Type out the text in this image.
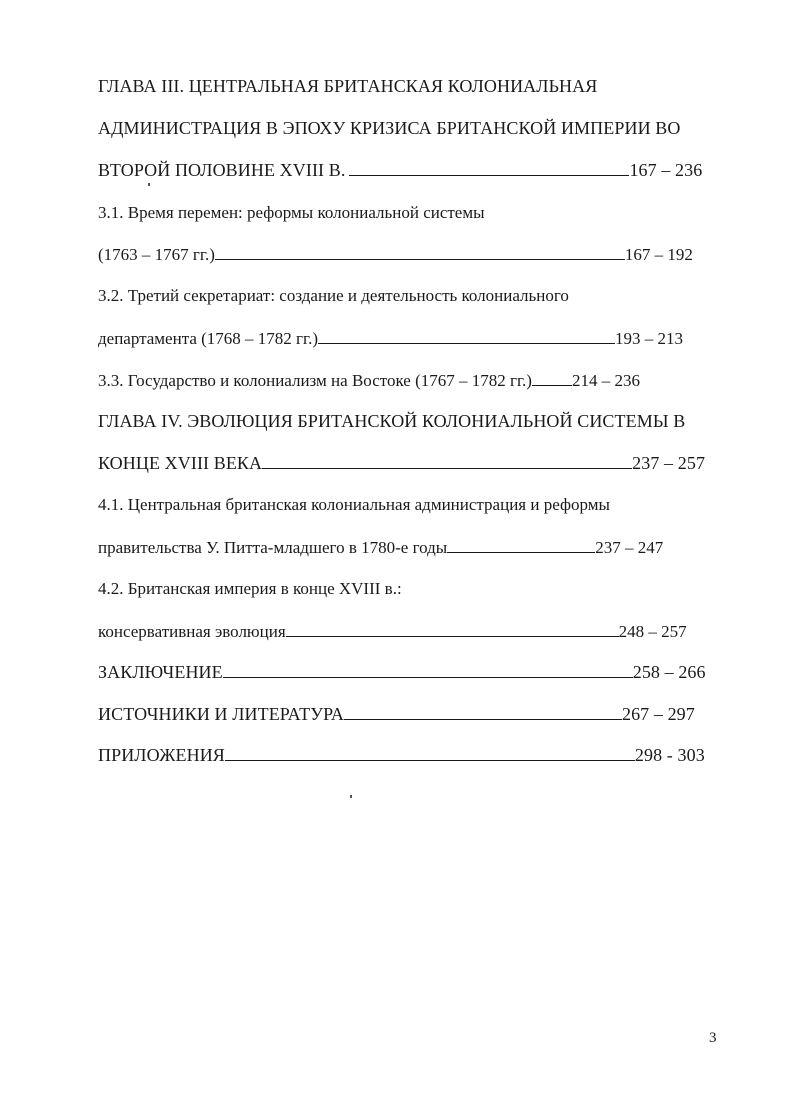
ГЛАВА III. ЦЕНТРАЛЬНАЯ БРИТАНСКАЯ КОЛОНИАЛЬНАЯ
АДМИНИСТРАЦИЯ В ЭПОХУ КРИЗИСА БРИТАНСКОЙ ИМПЕРИИ ВО
ВТОРОЙ ПОЛОВИНЕ XVIII В.	167 – 236
3.1. Время перемен: реформы колониальной системы
(1763 – 1767 гг.)	167 – 192
3.2. Третий секретариат: создание и деятельность колониального
департамента (1768 – 1782 гг.)	193 – 213
3.3. Государство и колониализм на Востоке (1767 – 1782 гг.) 214 – 236
ГЛАВА IV. ЭВОЛЮЦИЯ БРИТАНСКОЙ КОЛОНИАЛЬНОЙ СИСТЕМЫ В
КОНЦЕ XVIII ВЕКА	237 – 257
4.1. Центральная британская колониальная администрация и реформы
правительства У. Питта-младшего в 1780-е годы	237 – 247
4.2. Британская империя в конце XVIII в.:
консервативная эволюция	248 – 257
ЗАКЛЮЧЕНИЕ	258 – 266
ИСТОЧНИКИ И ЛИТЕРАТУРА	267 – 297
ПРИЛОЖЕНИЯ	298 - 303
3
